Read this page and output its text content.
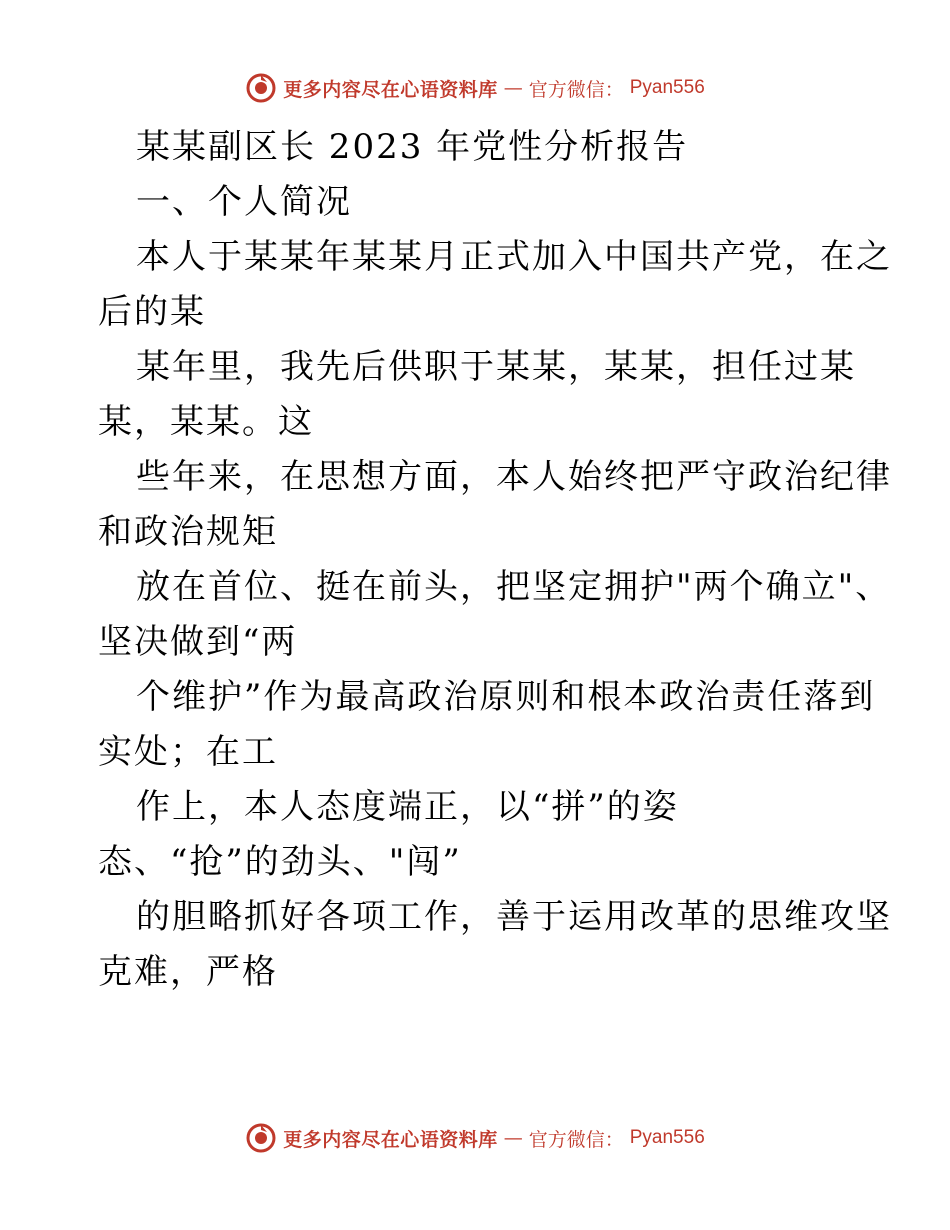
更多内容尽在心语资料库 — 官方微信： Pyan556
某某副区长 2023 年党性分析报告
一、个人简况
本人于某某年某某月正式加入中国共产党，在之
后的某
某年里，我先后供职于某某，某某，担任过某
某，某某。这
些年来，在思想方面，本人始终把严守政治纪律
和政治规矩
放在首位、挺在前头，把坚定拥护"两个确立"、
坚决做到“两
个维护”作为最高政治原则和根本政治责任落到
实处；在工
作上，本人态度端正，以“拼”的姿
态、“抢”的劲头、"闯”
的胆略抓好各项工作，善于运用改革的思维攻坚
克难，严格
更多内容尽在心语资料库 — 官方微信： Pyan556
